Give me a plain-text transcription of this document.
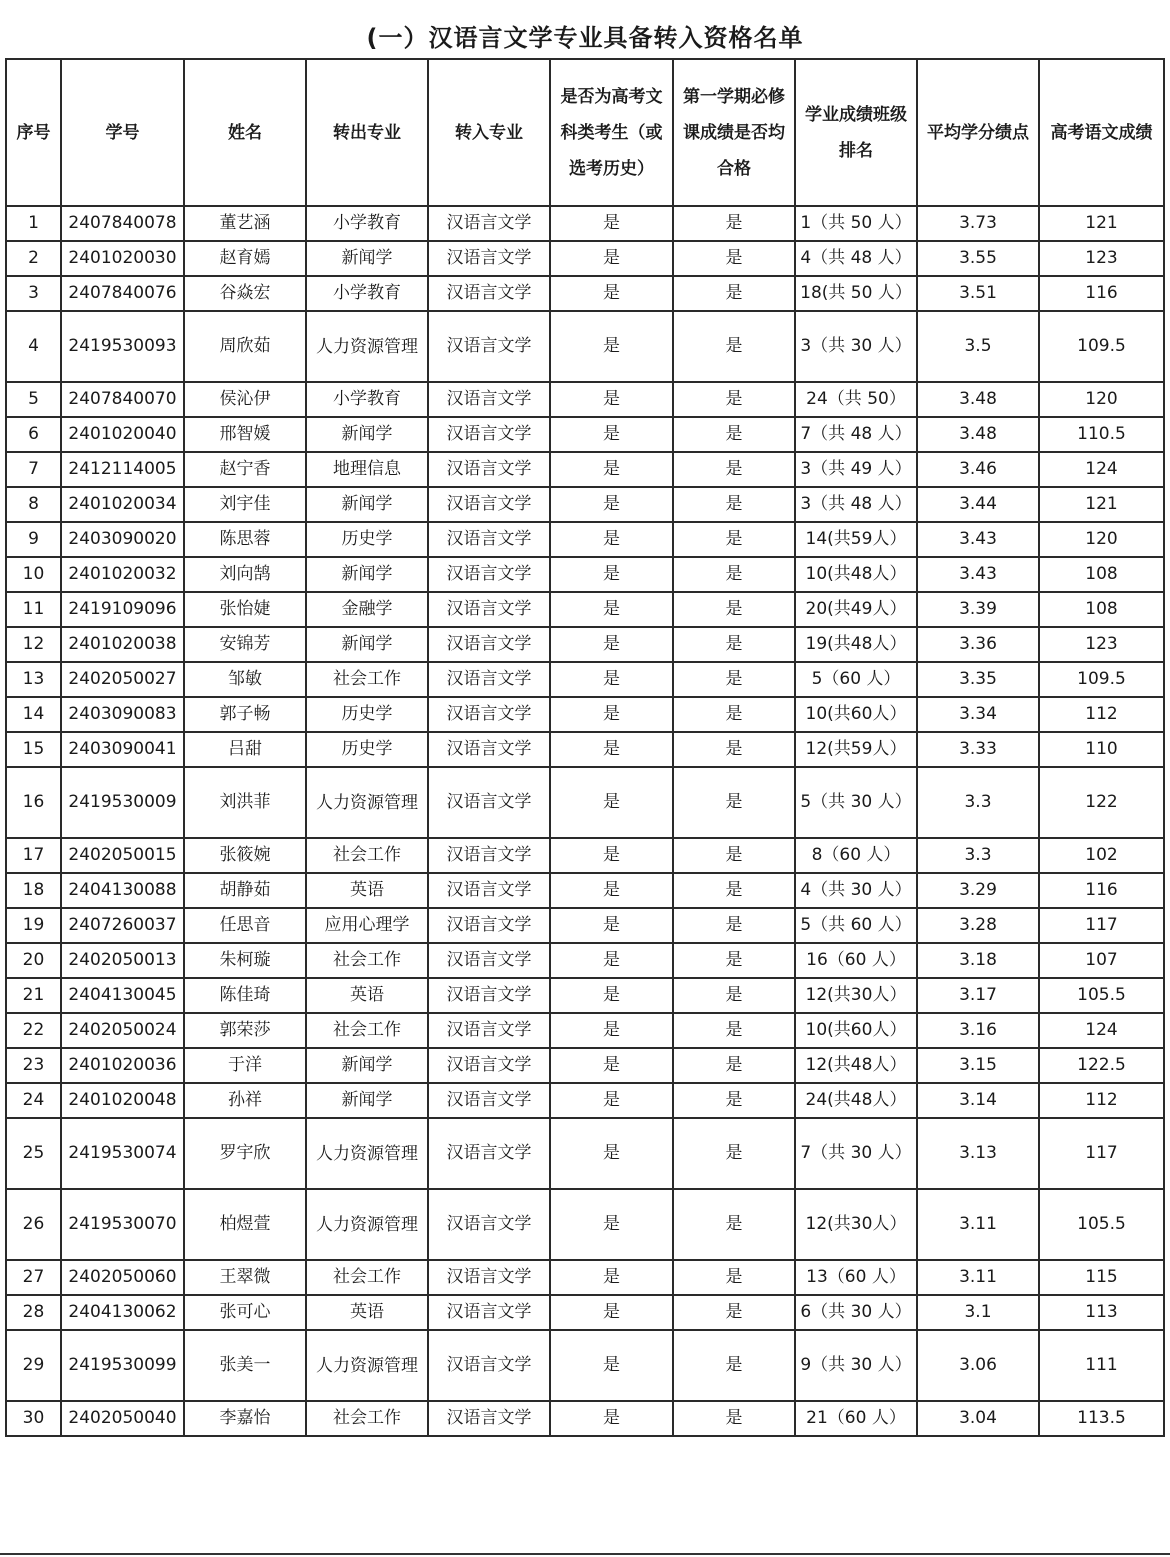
(一）汉语言文学专业具备转入资格名单
序号	学号	姓名	转出专业	转入专业	是否为高考文科类考生（或选考历史）	第一学期必修课成绩是否均合格	学业成绩班级排名	平均学分绩点	高考语文成绩
1	2407840078	董艺涵	小学教育	汉语言文学	是	是	1（共 50 人）	3.73	121
2	2401020030	赵育嫣	新闻学	汉语言文学	是	是	4（共 48 人）	3.55	123
3	2407840076	谷焱宏	小学教育	汉语言文学	是	是	18(共 50 人）	3.51	116
4	2419530093	周欣茹	人力资源管理	汉语言文学	是	是	3（共 30 人）	3.5	109.5
5	2407840070	侯沁伊	小学教育	汉语言文学	是	是	24（共 50）	3.48	120
6	2401020040	邢智媛	新闻学	汉语言文学	是	是	7（共 48 人）	3.48	110.5
7	2412114005	赵宁香	地理信息	汉语言文学	是	是	3（共 49 人）	3.46	124
8	2401020034	刘宇佳	新闻学	汉语言文学	是	是	3（共 48 人）	3.44	121
9	2403090020	陈思蓉	历史学	汉语言文学	是	是	14(共59人）	3.43	120
10	2401020032	刘向鹄	新闻学	汉语言文学	是	是	10(共48人）	3.43	108
11	2419109096	张怡婕	金融学	汉语言文学	是	是	20(共49人）	3.39	108
12	2401020038	安锦芳	新闻学	汉语言文学	是	是	19(共48人）	3.36	123
13	2402050027	邹敏	社会工作	汉语言文学	是	是	5（60 人）	3.35	109.5
14	2403090083	郭子畅	历史学	汉语言文学	是	是	10(共60人）	3.34	112
15	2403090041	吕甜	历史学	汉语言文学	是	是	12(共59人）	3.33	110
16	2419530009	刘洪菲	人力资源管理	汉语言文学	是	是	5（共 30 人）	3.3	122
17	2402050015	张筱婉	社会工作	汉语言文学	是	是	8（60 人）	3.3	102
18	2404130088	胡静茹	英语	汉语言文学	是	是	4（共 30 人）	3.29	116
19	2407260037	任思音	应用心理学	汉语言文学	是	是	5（共 60 人）	3.28	117
20	2402050013	朱柯璇	社会工作	汉语言文学	是	是	16（60 人）	3.18	107
21	2404130045	陈佳琦	英语	汉语言文学	是	是	12(共30人）	3.17	105.5
22	2402050024	郭荣莎	社会工作	汉语言文学	是	是	10(共60人）	3.16	124
23	2401020036	于洋	新闻学	汉语言文学	是	是	12(共48人）	3.15	122.5
24	2401020048	孙祥	新闻学	汉语言文学	是	是	24(共48人）	3.14	112
25	2419530074	罗宇欣	人力资源管理	汉语言文学	是	是	7（共 30 人）	3.13	117
26	2419530070	柏煜萱	人力资源管理	汉语言文学	是	是	12(共30人）	3.11	105.5
27	2402050060	王翠微	社会工作	汉语言文学	是	是	13（60 人）	3.11	115
28	2404130062	张可心	英语	汉语言文学	是	是	6（共 30 人）	3.1	113
29	2419530099	张美一	人力资源管理	汉语言文学	是	是	9（共 30 人）	3.06	111
30	2402050040	李嘉怡	社会工作	汉语言文学	是	是	21（60 人）	3.04	113.5
